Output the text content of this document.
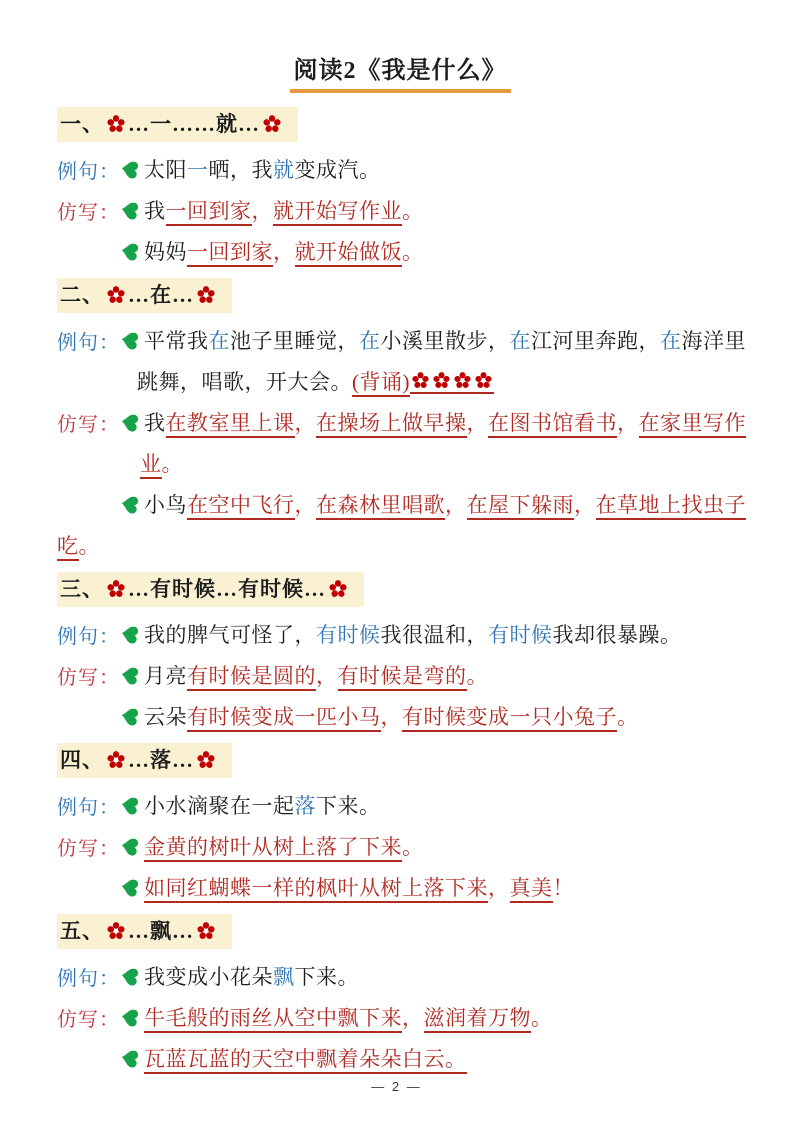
阅读2《我是什么》
一、 …一……就…
例句： 太阳一晒，我就变成汽。
仿写： 我一回到家，就开始写作业。
妈妈一回到家，就开始做饭。
二、 …在…
例句： 平常我在池子里睡觉，在小溪里散步，在江河里奔跑，在海洋里
跳舞，唱歌，开大会。(背诵)
仿写： 我在教室里上课，在操场上做早操，在图书馆看书，在家里写作
业。
小鸟在空中飞行，在森林里唱歌，在屋下躲雨，在草地上找虫子
吃。
三、 …有时候…有时候…
例句： 我的脾气可怪了，有时候我很温和，有时候我却很暴躁。
仿写： 月亮有时候是圆的，有时候是弯的。
云朵有时候变成一匹小马，有时候变成一只小兔子。
四、 …落…
例句： 小水滴聚在一起落下来。
仿写： 金黄的树叶从树上落了下来。
如同红蝴蝶一样的枫叶从树上落下来，真美！
五、 …飘…
例句： 我变成小花朵飘下来。
仿写： 牛毛般的雨丝从空中飘下来，滋润着万物。
瓦蓝瓦蓝的天空中飘着朵朵白云。
— 2 —
